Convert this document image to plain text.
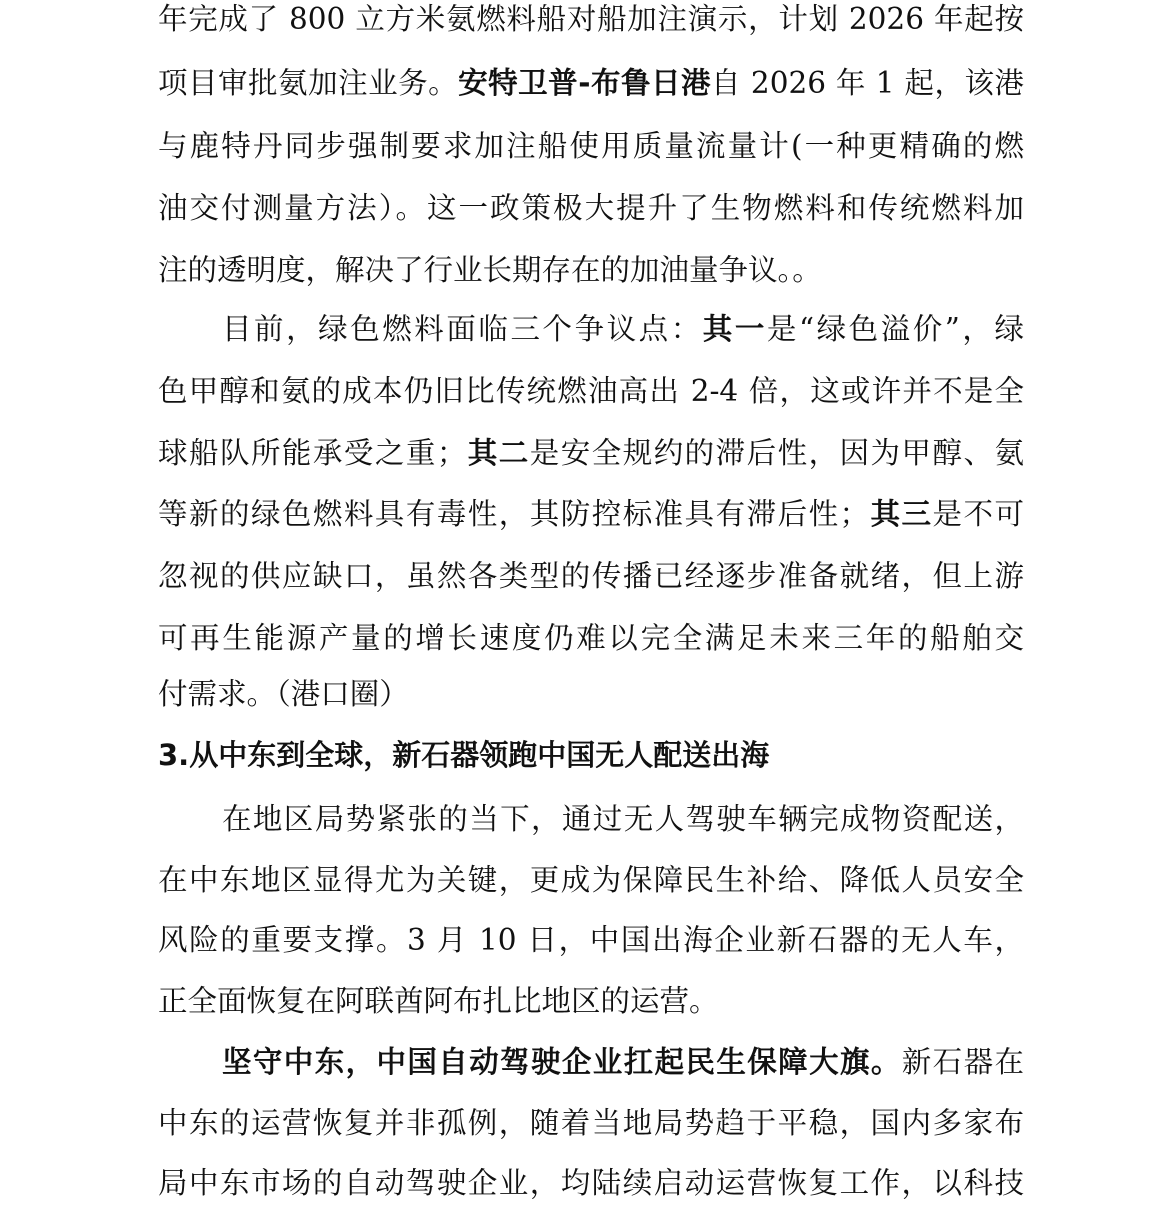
年完成了 800 立方米氨燃料船对船加注演示，计划 2026 年起按
项目审批氨加注业务。安特卫普-布鲁日港自 2026 年 1 起，该港
与鹿特丹同步强制要求加注船使用质量流量计(一种更精确的燃
油交付测量方法）。这一政策极大提升了生物燃料和传统燃料加
注的透明度，解决了行业长期存在的加油量争议。。
目前，绿色燃料面临三个争议点：其一是“绿色溢价”，绿
色甲醇和氨的成本仍旧比传统燃油高出 2-4 倍，这或许并不是全
球船队所能承受之重；其二是安全规约的滞后性，因为甲醇、氨
等新的绿色燃料具有毒性，其防控标准具有滞后性；其三是不可
忽视的供应缺口，虽然各类型的传播已经逐步准备就绪，但上游
可再生能源产量的增长速度仍难以完全满足未来三年的船舶交
付需求。（港口圈）
3.从中东到全球，新石器领跑中国无人配送出海
在地区局势紧张的当下，通过无人驾驶车辆完成物资配送，
在中东地区显得尤为关键，更成为保障民生补给、降低人员安全
风险的重要支撑。3 月 10 日，中国出海企业新石器的无人车，
正全面恢复在阿联酋阿布扎比地区的运营。
坚守中东，中国自动驾驶企业扛起民生保障大旗。新石器在
中东的运营恢复并非孤例，随着当地局势趋于平稳，国内多家布
局中东市场的自动驾驶企业，均陆续启动运营恢复工作，以科技
